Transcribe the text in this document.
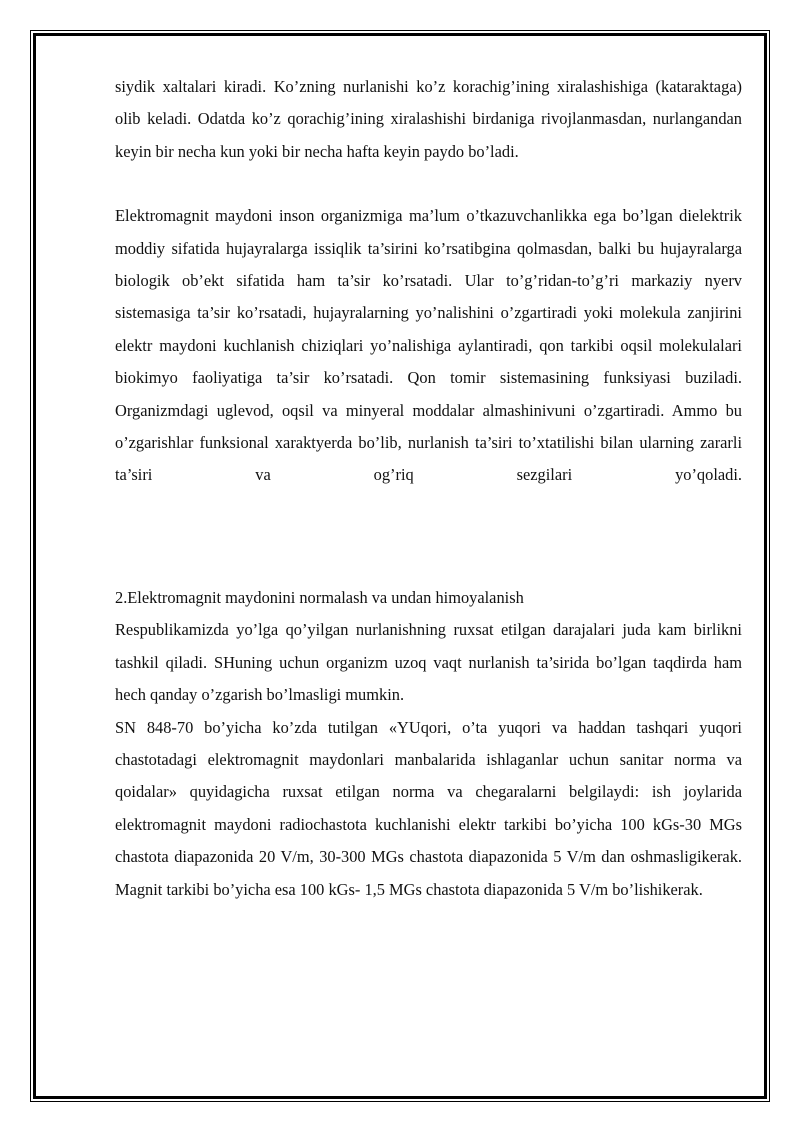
siydik xaltalari kiradi. Ko’zning nurlanishi ko’z korachig’ining xiralashishiga (kataraktaga) olib keladi. Odatda ko’z qorachig’ining xiralashishi birdaniga rivojlanmasdan, nurlangandan keyin bir necha kun yoki bir necha hafta keyin paydo bo’ladi.

Elektromagnit maydoni inson organizmiga ma’lum o’tkazuvchanlikka ega bo’lgan dielektrik moddiy sifatida hujayralarga issiqlik ta’sirini ko’rsatibgina qolmasdan, balki bu hujayralarga biologik ob’ekt sifatida ham ta’sir ko’rsatadi. Ular to’g’ridan-to’g’ri markaziy nyerv sistemasiga ta’sir ko’rsatadi, hujayralarning yo’nalishini o’zgartiradi yoki molekula zanjirini elektr maydoni kuchlanish chiziqlari yo’nalishiga aylantiradi, qon tarkibi oqsil molekulalari biokimyo faoliyatiga ta’sir ko’rsatadi. Qon tomir sistemasining funksiyasi buziladi. Organizmdagi uglevod, oqsil va minyeral moddalar almashinivuni o’zgartiradi. Ammo bu o’zgarishlar funksional xaraktyerda bo’lib, nurlanish ta’siri to’xtatilishi bilan ularning zararli ta’siri va og’riq sezgilari yo’qoladi.

2.Elektromagnit maydonini normalash va undan himoyalanish

Respublikamizda yo’lga qo’yilgan nurlanishning ruxsat etilgan darajalari juda kam birlikni tashkil qiladi. SHuning uchun organizm uzoq vaqt nurlanish ta’sirida bo’lgan taqdirda ham hech qanday o’zgarish bo’lmasligi mumkin.

SN 848-70 bo’yicha ko’zda tutilgan «YUqori, o’ta yuqori va haddan tashqari yuqori chastotadagi elektromagnit maydonlari manbalarida ishlaganlar uchun sanitar norma va qoidalar» quyidagicha ruxsat etilgan norma va chegaralarni belgilaydi: ish joylarida elektromagnit maydoni radiochastota kuchlanishi elektr tarkibi bo’yicha 100 kGs-30 MGs chastota diapazonida 20 V/m, 30-300 MGs chastota diapazonida 5 V/m dan oshmasligikerak. Magnit tarkibi bo’yicha esa 100 kGs- 1,5 MGs chastota diapazonida 5 V/m bo’lishikerak.
